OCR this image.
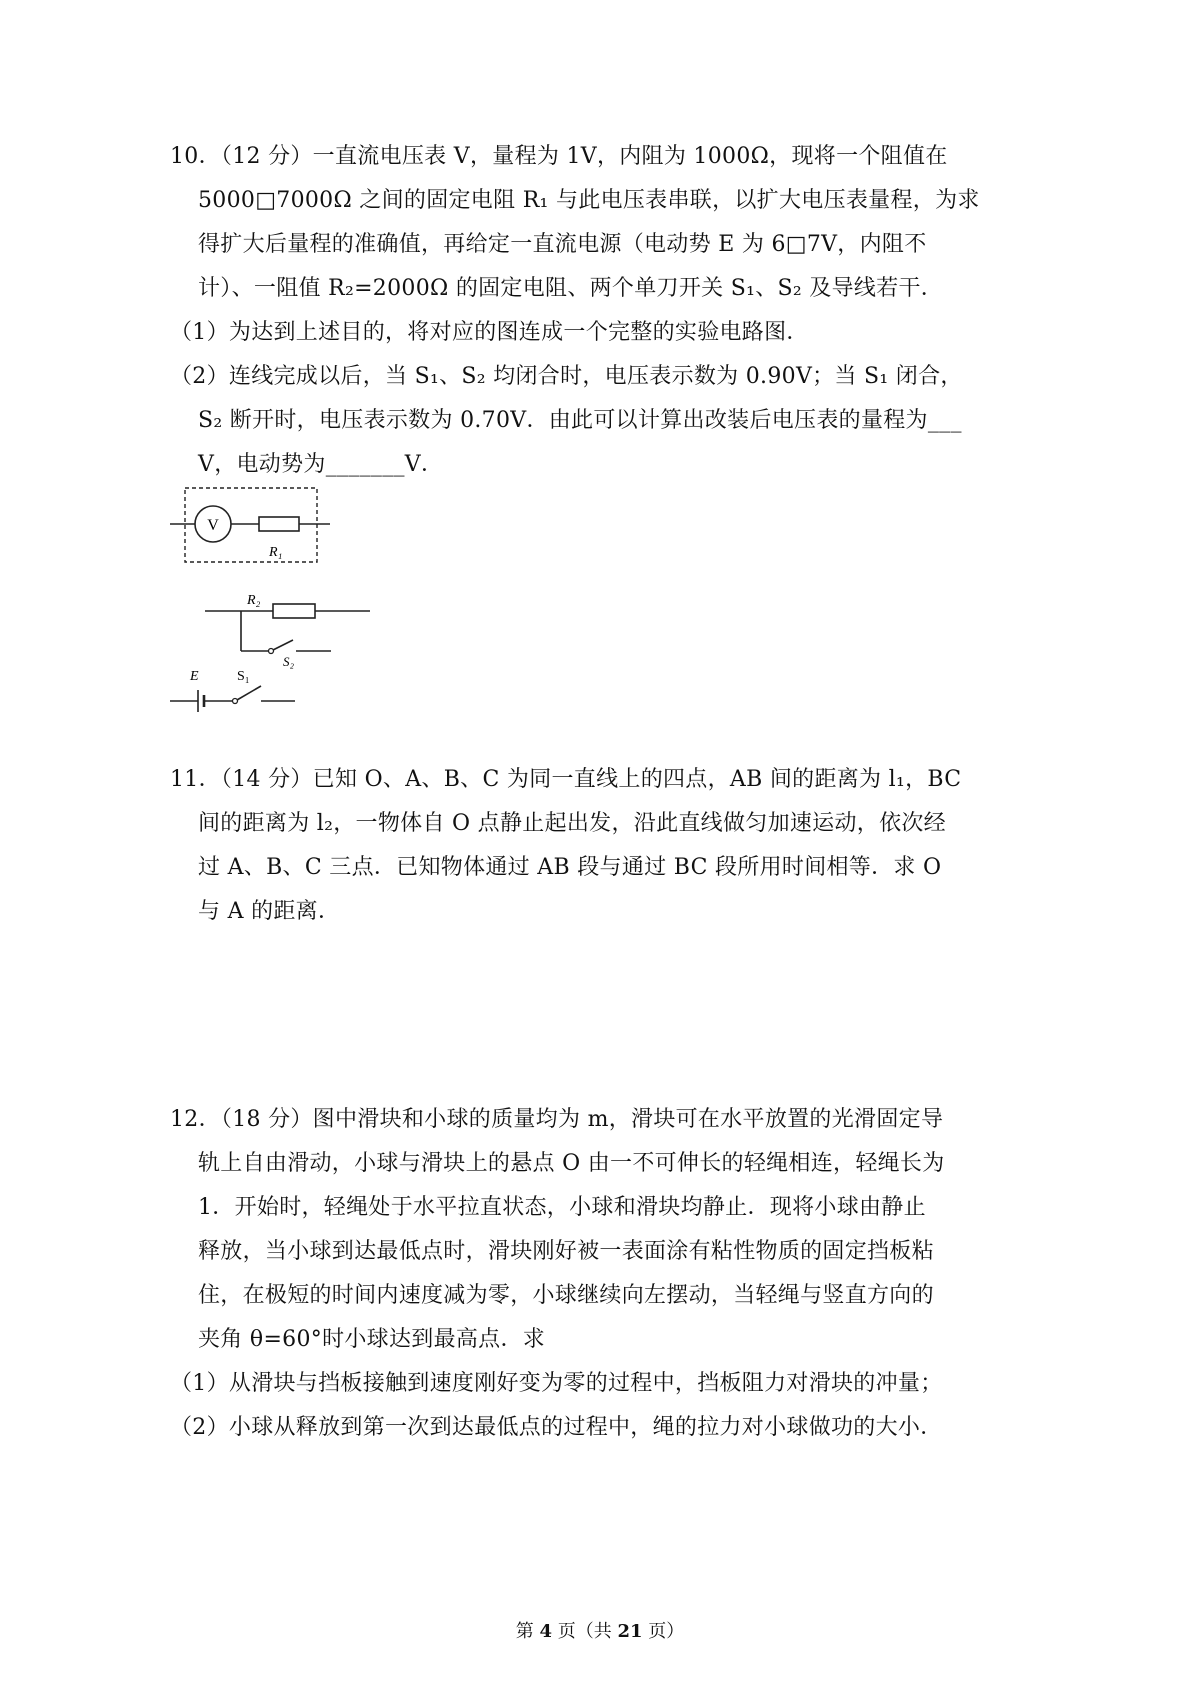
10．（12 分）一直流电压表 V，量程为 1V，内阻为 1000Ω，现将一个阻值在
5000□7000Ω 之间的固定电阻 R₁ 与此电压表串联，以扩大电压表量程，为求
得扩大后量程的准确值，再给定一直流电源（电动势 E 为 6□7V，内阻不
计）、一阻值 R₂=2000Ω 的固定电阻、两个单刀开关 S₁、S₂ 及导线若干．
（1）为达到上述目的，将对应的图连成一个完整的实验电路图．
（2）连线完成以后，当 S₁、S₂ 均闭合时，电压表示数为 0.90V；当 S₁ 闭合，
S₂ 断开时，电压表示数为 0.70V．由此可以计算出改装后电压表的量程为___
V，电动势为_______V．
V
R₁
R₂
S₂
E	S₁
11．（14 分）已知 O、A、B、C 为同一直线上的四点，AB 间的距离为 l₁，BC
间的距离为 l₂，一物体自 O 点静止起出发，沿此直线做匀加速运动，依次经
过 A、B、C 三点．已知物体通过 AB 段与通过 BC 段所用时间相等．求 O
与 A 的距离．
12．（18 分）图中滑块和小球的质量均为 m，滑块可在水平放置的光滑固定导
轨上自由滑动，小球与滑块上的悬点 O 由一不可伸长的轻绳相连，轻绳长为
1．开始时，轻绳处于水平拉直状态，小球和滑块均静止．现将小球由静止
释放，当小球到达最低点时，滑块刚好被一表面涂有粘性物质的固定挡板粘
住，在极短的时间内速度减为零，小球继续向左摆动，当轻绳与竖直方向的
夹角 θ=60°时小球达到最高点．求
（1）从滑块与挡板接触到速度刚好变为零的过程中，挡板阻力对滑块的冲量；
（2）小球从释放到第一次到达最低点的过程中，绳的拉力对小球做功的大小．
第 4 页（共 21 页）
